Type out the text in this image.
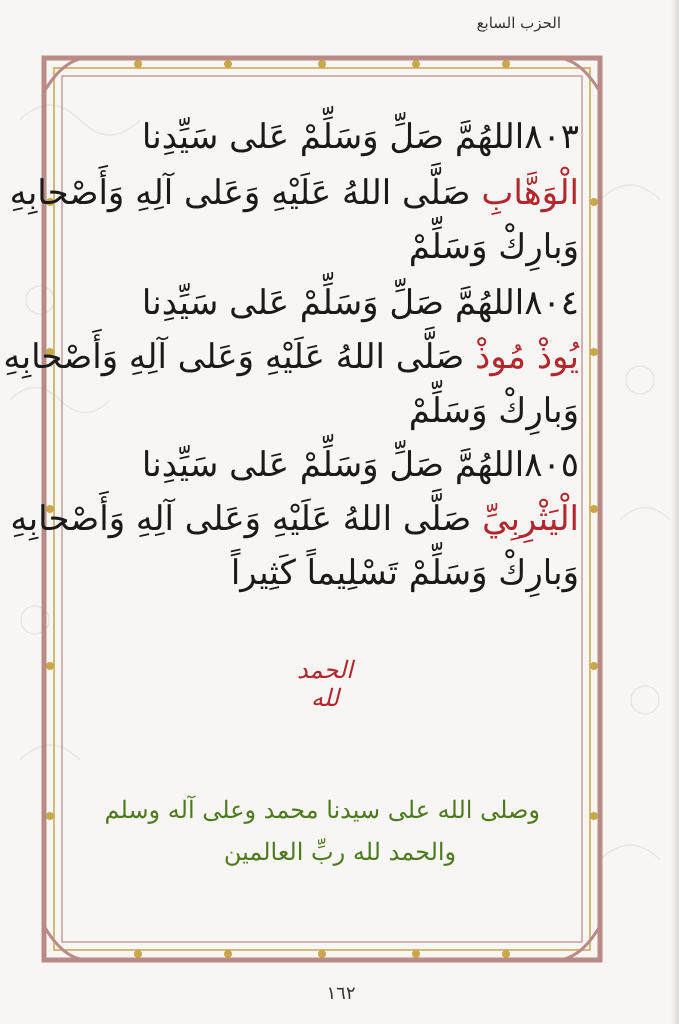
الحزب السابع
٨٠٣اللهُمَّ صَلِّ وَسَلِّمْ عَلى سَيِّدِنا
الْوَهَّابِ صَلَّى اللهُ عَلَيْهِ وَعَلى آلِهِ وَأَصْحابِهِ
وَبارِكْ وَسَلِّمْ
٨٠٤اللهُمَّ صَلِّ وَسَلِّمْ عَلى سَيِّدِنا
يُوذْ مُوذْ صَلَّى اللهُ عَلَيْهِ وَعَلى آلِهِ وَأَصْحابِهِ
وَبارِكْ وَسَلِّمْ
٨٠٥اللهُمَّ صَلِّ وَسَلِّمْ عَلى سَيِّدِنا
الْيَثْرِبِيِّ صَلَّى اللهُ عَلَيْهِ وَعَلى آلِهِ وَأَصْحابِهِ
وَبارِكْ وَسَلِّمْ تَسْلِيماً كَثِيراً
الحمد لله
وصلى الله على سيدنا محمد وعلى آله وسلم
والحمد لله ربِّ العالمين
١٦٢
